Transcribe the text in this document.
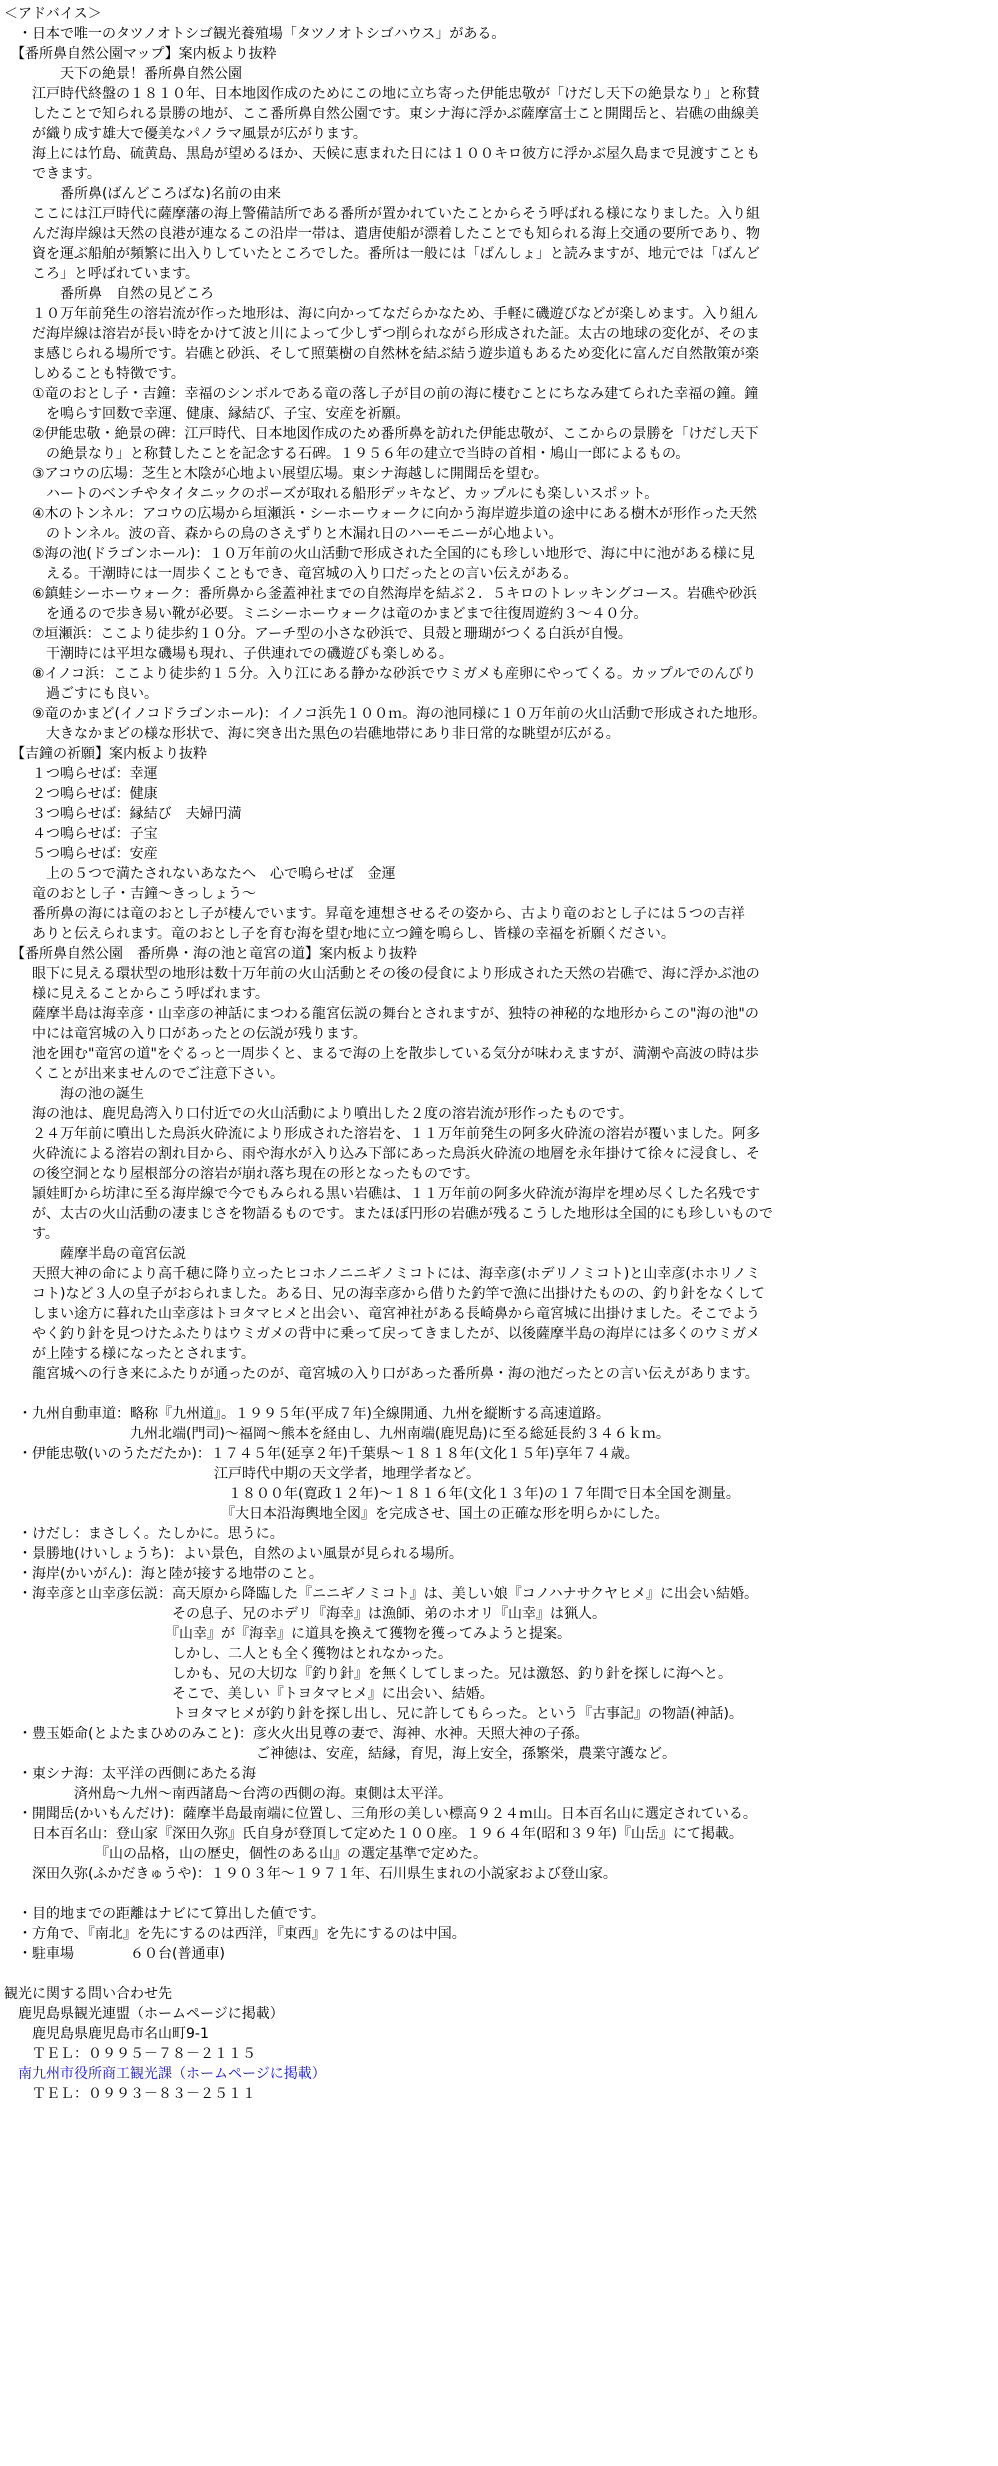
＜アドバイス＞
　・日本で唯一のタツノオトシゴ観光養殖場「タツノオトシゴハウス」がある。
　【番所鼻自然公園マップ】案内板より抜粋
　　　　天下の絶景！番所鼻自然公園
　　江戸時代終盤の１８１０年、日本地図作成のためにこの地に立ち寄った伊能忠敬が「けだし天下の絶景なり」と称賛
　　したことで知られる景勝の地が、ここ番所鼻自然公園です。東シナ海に浮かぶ薩摩富士こと開聞岳と、岩礁の曲線美
　　が織り成す雄大で優美なパノラマ風景が広がります。
　　海上には竹島、硫黄島、黒島が望めるほか、天候に恵まれた日には１００キロ彼方に浮かぶ屋久島まで見渡すことも
　　できます。
　　　　番所鼻(ばんどころばな)名前の由来
　　ここには江戸時代に薩摩藩の海上警備詰所である番所が置かれていたことからそう呼ばれる様になりました。入り組
　　んだ海岸線は天然の良港が連なるこの沿岸一帯は、遣唐使船が漂着したことでも知られる海上交通の要所であり、物
　　資を運ぶ船舶が頻繁に出入りしていたところでした。番所は一般には「ばんしょ」と読みますが、地元では「ばんど
　　ころ」と呼ばれています。
　　　　番所鼻　自然の見どころ
　　１０万年前発生の溶岩流が作った地形は、海に向かってなだらかなため、手軽に磯遊びなどが楽しめます。入り組ん
　　だ海岸線は溶岩が長い時をかけて波と川によって少しずつ削られながら形成された証。太古の地球の変化が、そのま
　　ま感じられる場所です。岩礁と砂浜、そして照葉樹の自然林を結ぶ結う遊歩道もあるため変化に富んだ自然散策が楽
　　しめることも特徴です。
　　①竜のおとし子・吉鐘：幸福のシンボルである竜の落し子が目の前の海に棲むことにちなみ建てられた幸福の鐘。鐘
　　　を鳴らす回数で幸運、健康、縁結び、子宝、安産を祈願。
　　②伊能忠敬・絶景の碑：江戸時代、日本地図作成のため番所鼻を訪れた伊能忠敬が、ここからの景勝を「けだし天下
　　　の絶景なり」と称賛したことを記念する石碑。１９５６年の建立で当時の首相・鳩山一郎によるもの。
　　③アコウの広場：芝生と木陰が心地よい展望広場。東シナ海越しに開聞岳を望む。
　　　ハートのベンチやタイタニックのポーズが取れる船形デッキなど、カップルにも楽しいスポット。
　　④木のトンネル：アコウの広場から垣瀬浜・シーホーウォークに向かう海岸遊歩道の途中にある樹木が形作った天然
　　　のトンネル。波の音、森からの鳥のさえずりと木漏れ日のハーモニーが心地よい。
　　⑤海の池(ドラゴンホール)：１０万年前の火山活動で形成された全国的にも珍しい地形で、海に中に池がある様に見
　　　える。干潮時には一周歩くこともでき、竜宮城の入り口だったとの言い伝えがある。
　　⑥鎮蛙シーホーウォーク：番所鼻から釜蓋神社までの自然海岸を結ぶ２．５キロのトレッキングコース。岩礁や砂浜
　　　を通るので歩き易い靴が必要。ミニシーホーウォークは竜のかまどまで往復周遊約３～４０分。
　　⑦垣瀬浜：ここより徒歩約１０分。アーチ型の小さな砂浜で、貝殻と珊瑚がつくる白浜が自慢。
　　　干潮時には平坦な磯場も現れ、子供連れでの磯遊びも楽しめる。
　　⑧イノコ浜：ここより徒歩約１５分。入り江にある静かな砂浜でウミガメも産卵にやってくる。カップルでのんびり
　　　過ごすにも良い。
　　⑨竜のかまど(イノコドラゴンホール)：イノコ浜先１００ｍ。海の池同様に１０万年前の火山活動で形成された地形。
　　　大きなかまどの様な形状で、海に突き出た黒色の岩礁地帯にあり非日常的な眺望が広がる。
　【吉鐘の祈願】案内板より抜粋
　　１つ鳴らせば：幸運
　　２つ鳴らせば：健康
　　３つ鳴らせば：縁結び　夫婦円満
　　４つ鳴らせば：子宝
　　５つ鳴らせば：安産
　　　上の５つで満たされないあなたへ　心で鳴らせば　金運
　　竜のおとし子・吉鐘～きっしょう～
　　番所鼻の海には竜のおとし子が棲んでいます。昇竜を連想させるその姿から、古より竜のおとし子には５つの吉祥
　　ありと伝えられます。竜のおとし子を育む海を望む地に立つ鐘を鳴らし、皆様の幸福を祈願ください。
　【番所鼻自然公園　番所鼻・海の池と竜宮の道】案内板より抜粋
　　眼下に見える環状型の地形は数十万年前の火山活動とその後の侵食により形成された天然の岩礁で、海に浮かぶ池の
　　様に見えることからこう呼ばれます。
　　薩摩半島は海幸彦・山幸彦の神話にまつわる龍宮伝説の舞台とされますが、独特の神秘的な地形からこの"海の池"の
　　中には竜宮城の入り口があったとの伝説が残ります。
　　池を囲む"竜宮の道"をぐるっと一周歩くと、まるで海の上を散歩している気分が味わえますが、満潮や高波の時は歩
　　くことが出来ませんのでご注意下さい。
　　　　海の池の誕生
　　海の池は、鹿児島湾入り口付近での火山活動により噴出した２度の溶岩流が形作ったものです。
　　２４万年前に噴出した鳥浜火砕流により形成された溶岩を、１１万年前発生の阿多火砕流の溶岩が覆いました。阿多
　　火砕流による溶岩の割れ目から、雨や海水が入り込み下部にあった鳥浜火砕流の地層を永年掛けて徐々に浸食し、そ
　　の後空洞となり屋根部分の溶岩が崩れ落ち現在の形となったものです。
　　頴娃町から坊津に至る海岸線で今でもみられる黒い岩礁は、１１万年前の阿多火砕流が海岸を埋め尽くした名残です
　　が、太古の火山活動の凄まじさを物語るものです。またほぼ円形の岩礁が残るこうした地形は全国的にも珍しいもので
　　す。
　　　　薩摩半島の竜宮伝説
　　天照大神の命により高千穂に降り立ったヒコホノニニギノミコトには、海幸彦(ホデリノミコト)と山幸彦(ホホリノミ
　　コト)など３人の皇子がおられました。ある日、兄の海幸彦から借りた釣竿で漁に出掛けたものの、釣り針をなくして
　　しまい途方に暮れた山幸彦はトヨタマヒメと出会い、竜宮神社がある長崎鼻から竜宮城に出掛けました。そこでよう
　　やく釣り針を見つけたふたりはウミガメの背中に乗って戻ってきましたが、以後薩摩半島の海岸には多くのウミガメ
　　が上陸する様になったとされます。
　　龍宮城への行き来にふたりが通ったのが、竜宮城の入り口があった番所鼻・海の池だったとの言い伝えがあります。
　・九州自動車道：略称『九州道』。１９９５年(平成７年)全線開通、九州を縦断する高速道路。
　　　　　　　　　九州北端(門司)～福岡～熊本を経由し、九州南端(鹿児島)に至る総延長約３４６ｋｍ。
　・伊能忠敬(いのうただたか)：１７４５年(延享２年)千葉県～１８１８年(文化１５年)享年７４歳。
　　　　　　　　　　　　　　　江戸時代中期の天文学者，地理学者など。
　　　　　　　　　　　　　　　　１８００年(寛政１２年)～１８１６年(文化１３年)の１７年間で日本全国を測量。
　　　　　　　　　　　　　　　　『大日本沿海輿地全図』を完成させ、国土の正確な形を明らかにした。
　・けだし：まさしく。たしかに。思うに。
　・景勝地(けいしょうち)：よい景色，自然のよい風景が見られる場所。
　・海岸(かいがん)：海と陸が接する地帯のこと。
　・海幸彦と山幸彦伝説：高天原から降臨した『ニニギノミコト』は、美しい娘『コノハナサクヤヒメ』に出会い結婚。
　　　　　　　　　　　　その息子、兄のホデリ『海幸』は漁師、弟のホオリ『山幸』は猟人。
　　　　　　　　　　　　『山幸』が『海幸』に道具を換えて獲物を獲ってみようと提案。
　　　　　　　　　　　　しかし、二人とも全く獲物はとれなかった。
　　　　　　　　　　　　しかも、兄の大切な『釣り針』を無くしてしまった。兄は激怒、釣り針を探しに海へと。
　　　　　　　　　　　　そこで、美しい『トヨタマヒメ』に出会い、結婚。
　　　　　　　　　　　　トヨタマヒメが釣り針を探し出し、兄に許してもらった。という『古事記』の物語(神話)。
　・豊玉姫命(とよたまひめのみこと)：彦火火出見尊の妻で、海神、水神。天照大神の子孫。
　　　　　　　　　　　　　　　　　　ご神徳は、安産，結縁，育児，海上安全，孫繁栄，農業守護など。
　・東シナ海：太平洋の西側にあたる海
　　　　　済州島～九州～南西諸島～台湾の西側の海。東側は太平洋。
　・開聞岳(かいもんだけ)：薩摩半島最南端に位置し、三角形の美しい標高９２４ｍ山。日本百名山に選定されている。
　　日本百名山：登山家『深田久弥』氏自身が登頂して定めた１００座。１９６４年(昭和３９年)『山岳』にて掲載。
　　　　　　　『山の品格，山の歴史，個性のある山』の選定基準で定めた。
　　深田久弥(ふかだきゅうや)：１９０３年～１９７１年、石川県生まれの小説家および登山家。
　・目的地までの距離はナビにて算出した値です。
　・方角で、『南北』を先にするのは西洋，『東西』を先にするのは中国。
　・駐車場　　　　６０台(普通車)
観光に関する問い合わせ先
　鹿児島県観光連盟（ホームページに掲載）
　　鹿児島県鹿児島市名山町9-1
　　ＴＥＬ：０９９５－７８－２１１５
　南九州市役所商工観光課（ホームページに掲載）
　　ＴＥＬ：０９９３－８３－２５１１
